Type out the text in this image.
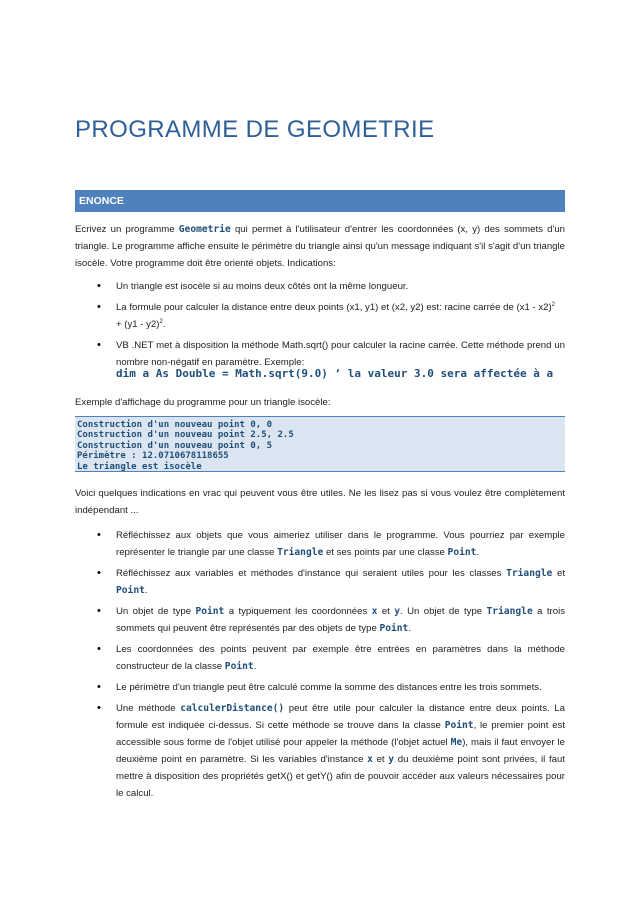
PROGRAMME DE GEOMETRIE
ENONCE
Ecrivez un programme Geometrie qui permet à l'utilisateur d'entrer les coordonnées (x, y) des sommets d'un triangle. Le programme affiche ensuite le périmètre du triangle ainsi qu'un message indiquant s'il s'agit d'un triangle isocèle. Votre programme doit être orienté objets. Indications:
• Un triangle est isocèle si au moins deux côtés ont la même longueur.
• La formule pour calculer la distance entre deux points (x1, y1) et (x2, y2) est: racine carrée de (x1 - x2)$^2$
+ (y1 - y2)$^2$.
• VB .NET met à disposition la méthode Math.sqrt() pour calculer la racine carrée. Cette méthode prend un nombre non-négatif en paramètre. Exemple:
dim a As Double = Math.sqrt(9.0) ‘ la valeur 3.0 sera affectée à a
Exemple d'affichage du programme pour un triangle isocèle:
Construction d'un nouveau point 0, 0
Construction d'un nouveau point 2.5, 2.5
Construction d'un nouveau point 0, 5
Périmètre : 12.0710678118655
Le triangle est isocèle
Voici quelques indications en vrac qui peuvent vous être utiles. Ne les lisez pas si vous voulez être complètement indépendant ...
• Réfléchissez aux objets que vous aimeriez utiliser dans le programme. Vous pourriez par exemple représenter le triangle par une classe Triangle et ses points par une classe Point.
• Réfléchissez aux variables et méthodes d'instance qui seraient utiles pour les classes Triangle et Point.
• Un objet de type Point a typiquement les coordonnées x et y. Un objet de type Triangle a trois sommets qui peuvent être représentés par des objets de type Point.
• Les coordonnées des points peuvent par exemple être entrées en paramètres dans la méthode constructeur de la classe Point.
• Le périmètre d'un triangle peut être calculé comme la somme des distances entre les trois sommets.
• Une méthode calculerDistance() peut être utile pour calculer la distance entre deux points. La formule est indiquée ci-dessus. Si cette méthode se trouve dans la classe Point, le premier point est accessible sous forme de l'objet utilisé pour appeler la méthode (l'objet actuel Me), mais il faut envoyer le deuxième point en paramètre. Si les variables d'instance x et y du deuxième point sont privées, il faut mettre à disposition des propriétés getX() et getY() afin de pouvoir accéder aux valeurs nécessaires pour le calcul.
